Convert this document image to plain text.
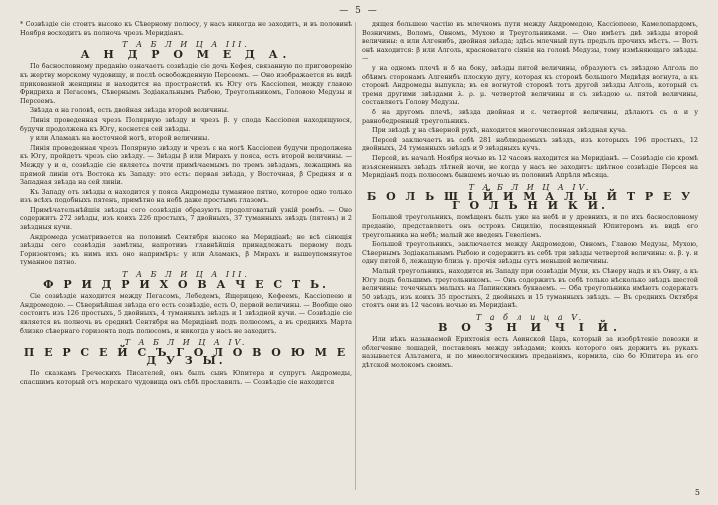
— 5 —

* Созвѣздіе сіе стоитъ высоко къ Сѣверному полюсу, у насъ никогда не заходитъ, и въ половинѣ Ноября восходитъ въ полночь чрезъ Меридіанъ.

Т А Б Л И Ц А III.
А Н Д Р О М Е Д А.

По баснословному преданію означаетъ созвѣздіе сіе дочь Кефея, связанную по приговоренію къ жертву морскому чудовищу, и послѣ освобожденную Персеемъ. — Оно изображается въ видѣ прикованной женщины и находится на пространствѣ къ Югу отъ Кассіопеи, между главою Фридриха и Пегасомъ, Сѣвернымъ Зодіакальнымъ Рыбою, Треугольникомъ, Головою Медузы и Персеемъ.

Звѣзда α на головѣ, есть двойная звѣзда второй величины.

Линія проведенная чрезъ Полярную звѣзду и чрезъ β. у спода Кассіопеи находящуюся, будучи продолжена къ Югу, коснется сей звѣзды.

у или Аламакъ на восточной ногѣ, второй величины.

Линія проведенная чрезъ Полярную звѣзду и чрезъ ε на ногѣ Кассіопеи будучи продолжена къ Югу, пройдетъ чрезъ сію звѣзду. — Звѣзды β или Мирахъ у пояса, есть второй величины. — Между γ и α, созвѣздіе сіе являетсѧ почти примѣчаемымъ по тремъ звѣздамъ, лежащимъ на прямой линіи отъ Востока къ Западу: это есть: первая звѣзда, у Восточная, β Средняя и α Западная звѣзда на сей линіи.

Къ Западу отъ звѣзды α находится у пояса Андромеды туманное пятно, которое одно только изъ всѣхъ подобныхъ пятенъ, примѣтно на небѣ даже простымъ глазомъ.

Примѣчательнѣйшія звѣзды сего созвѣздія образуютъ продолговатый узкій ромбъ. — Оно содержитъ 272 звѣзды, изъ коихъ 226 простыхъ, 7 двойныхъ, 37 туманныхъ звѣздъ (пятенъ) и 2 звѣздныя кучи.

Андромеда усматривается на половинѣ Сентября высоко на Меридіанѣ; не всѣ сіяющія звѣзды сего созвѣздія замѣтны, напротивъ главнѣйшія принадлежатъ первому подъ Горизонтомъ; къ нимъ ихъ оно напримѣръ: у или Аламакъ, β Мирахъ и вышеупомянутое туманное пятно.

Т А Б Л И Ц А III.
Ф Р И Д Р И Х О В А Ч Е С Т Ь.

Сіе созвѣздіе находится между Пегасомъ, Лебедемъ, Ящерицею, Кефеемъ, Кассіопеею и Андромедою. — Сѣвернѣйшая звѣзда его есть созвѣздіе, есть О, первой величины. — Вообще оно состоитъ изъ 126 простыхъ, 5 двойныхъ, 4 туманныхъ звѣздъ и 1 звѣздной кучи. — Созвѣздіе сіе является въ полночь въ срединѣ Сентября на Меридіанѣ подъ полюсомъ, а въ среднихъ Марта близко сѣвернаго горизонта подъ полюсомъ, и никогда у насъ не заходитъ.

Т А Б Л И Ц А IV.
П Е Р С Е Й С Ъ Г О Л О В О Ю М Е Д У З Ы.

По сказкамъ Греческихъ Писателей, онъ былъ сынъ Юпитера и супругъ Андромеды, спасшимъ который отъ морскаго чудовища онъ сѣбѣ прославилъ. — Созвѣздіе сіе находится

дящея большею частію въ млечномъ пути между Андромедою, Кассіопеею, Камелопардомъ, Возничимъ, Воломъ, Овномъ, Мухою и Треугольниками. — Оно имѣетъ двѣ звѣзды второй величины: α или Алгенибъ, двойная звѣзда; здѣсь млечный путь предълъ прочихъ мѣстъ. — Вотъ онѣ находится: β или Алголь, красноватаго сіянія на головѣ Медузы, тому измѣняющаго звѣзды. —

у на одномъ плечѣ и δ на боку, звѣзды пятой величины, образуютъ съ звѣздою Алголь по обѣимъ сторонамъ Алгенибъ плоскую дугу, которая къ сторонѣ большого Медвѣдя вогнута, а къ сторонѣ Андромеды выпукла; въ ея вогнутой сторонѣ тотъ другой звѣзды Алголь, который съ тремя другими звѣздами λ. ρ. μ. четвертой величины и съ звѣздою ω. пятой величины, составляетъ Голову Медузы.

δ на другомъ плечѣ, звѣзда двойная и ε. четвертой величины, дѣлаютъ съ α и у равнобедренный треугольникъ.

При звѣздѣ χ на сѣверной рукѣ, находится многочисленная звѣздная куча.

Персей заключаетъ въ себѣ 281 наблюдаемыхъ звѣздъ, изъ которыхъ 196 простыхъ, 12 двойныхъ, 24 туманныхъ звѣздъ и 9 звѣздныхъ кучъ.

Персей, въ началѣ Ноября ночью въ 12 часовъ находится на Меридіанѣ. — Созвѣздіе сіе кромѣ изъясненныхъ звѣздъ лѣтней ночи, не когда у насъ не заходитъ: цвѣтное созвѣздіе Персея на Меридіанѣ подъ полюсомъ бывшемъ ночью въ половинѣ Апрѣля мѣсяца.

Т А Б Л И Ц А IV.
Б О Л Ь Ш І Й И М А Л Ы Й Т Р Е У Г О Л Ь Н И К И.

Большой треугольникъ, помѣщенъ былъ уже на небѣ и у древнихъ, и по ихъ баснословному преданію, представляетъ онъ островъ Сицилію, посвященный Юпитеромъ въ видѣ его треугольника на небѣ; малый же введенъ Гевеліемъ.

Большой треугольникъ, заключается между Андромедою, Овномъ, Главою Медузы, Мухою, Сѣвернымъ Зодіакальнымъ Рыбою и содержитъ въ себѣ три звѣзды четвертой величины: α. β. γ. и одну пятой δ, лежащую близь γ. прочія звѣзды сутъ меньшей величины.

Малый треугольникъ, находится въ Западу при созвѣздіи Мухи, къ Сѣверу надъ и къ Овну, а къ Югу подъ большимъ треугольникомъ. — Онъ содержитъ въ себѣ только нѣсколько звѣздъ шестой величины: точечныхъ малыхъ на Лапинскимъ букваемъ. — Оба треугольника имѣютъ содержатъ 50 звѣздъ, изъ коихъ 35 простыхъ, 2 двойныхъ и 15 туманныхъ звѣздъ. — Въ среднихъ Октября стоятъ они въ 12 часовъ ночью въ Меридіанѣ.

Т а б л и ц а V.
В О З Н И Ч І Й.

Или нѣкъ называемой Ерихтонiя есть Аѳинской Царь, который за изобрѣтеніе повозки и облегчение лошадей, поставленъ между звѣздами; коихъ которого онъ держитъ въ рукахъ называется Альтамега, и по миѳологическимъ преданіямъ, кормила, сію бо Юпитера въ его дѣтской молокомъ своимъ.

5
